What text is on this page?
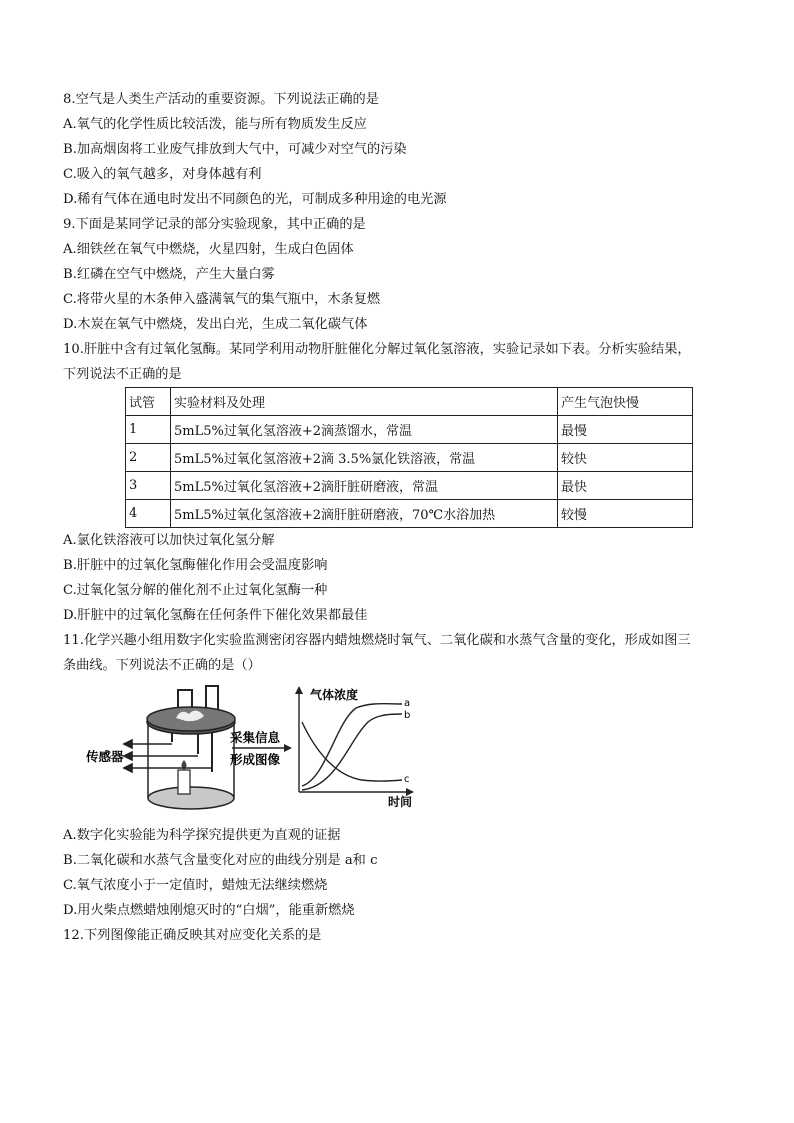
8.空气是人类生产活动的重要资源。下列说法正确的是
A.氧气的化学性质比较活泼，能与所有物质发生反应
B.加高烟囱将工业废气排放到大气中，可减少对空气的污染
C.吸入的氧气越多，对身体越有利
D.稀有气体在通电时发出不同颜色的光，可制成多种用途的电光源
9.下面是某同学记录的部分实验现象，其中正确的是
A.细铁丝在氧气中燃烧，火星四射，生成白色固体
B.红磷在空气中燃烧，产生大量白雾
C.将带火星的木条伸入盛满氧气的集气瓶中，木条复燃
D.木炭在氧气中燃烧，发出白光，生成二氧化碳气体
10.肝脏中含有过氧化氢酶。某同学利用动物肝脏催化分解过氧化氢溶液，实验记录如下表。分析实验结果，
下列说法不正确的是
试管	实验材料及处理	产生气泡快慢
1	5mL5%过氧化氢溶液+2滴蒸馏水，常温	最慢
2	5mL5%过氧化氢溶液+2滴 3.5%氯化铁溶液，常温	较快
3	5mL5%过氧化氢溶液+2滴肝脏研磨液，常温	最快
4	5mL5%过氧化氢溶液+2滴肝脏研磨液，70℃水浴加热	较慢
A.氯化铁溶液可以加快过氧化氢分解
B.肝脏中的过氧化氢酶催化作用会受温度影响
C.过氧化氢分解的催化剂不止过氧化氢酶一种
D.肝脏中的过氧化氢酶在任何条件下催化效果都最佳
11.化学兴趣小组用数字化实验监测密闭容器内蜡烛燃烧时氧气、二氧化碳和水蒸气含量的变化，形成如图三
条曲线。下列说法不正确的是（）
传感器
采集信息
形成图像
气体浓度
时间
a
b
c
A.数字化实验能为科学探究提供更为直观的证据
B.二氧化碳和水蒸气含量变化对应的曲线分别是 a和 c
C.氧气浓度小于一定值时，蜡烛无法继续燃烧
D.用火柴点燃蜡烛刚熄灭时的“白烟”，能重新燃烧
12.下列图像能正确反映其对应变化关系的是
